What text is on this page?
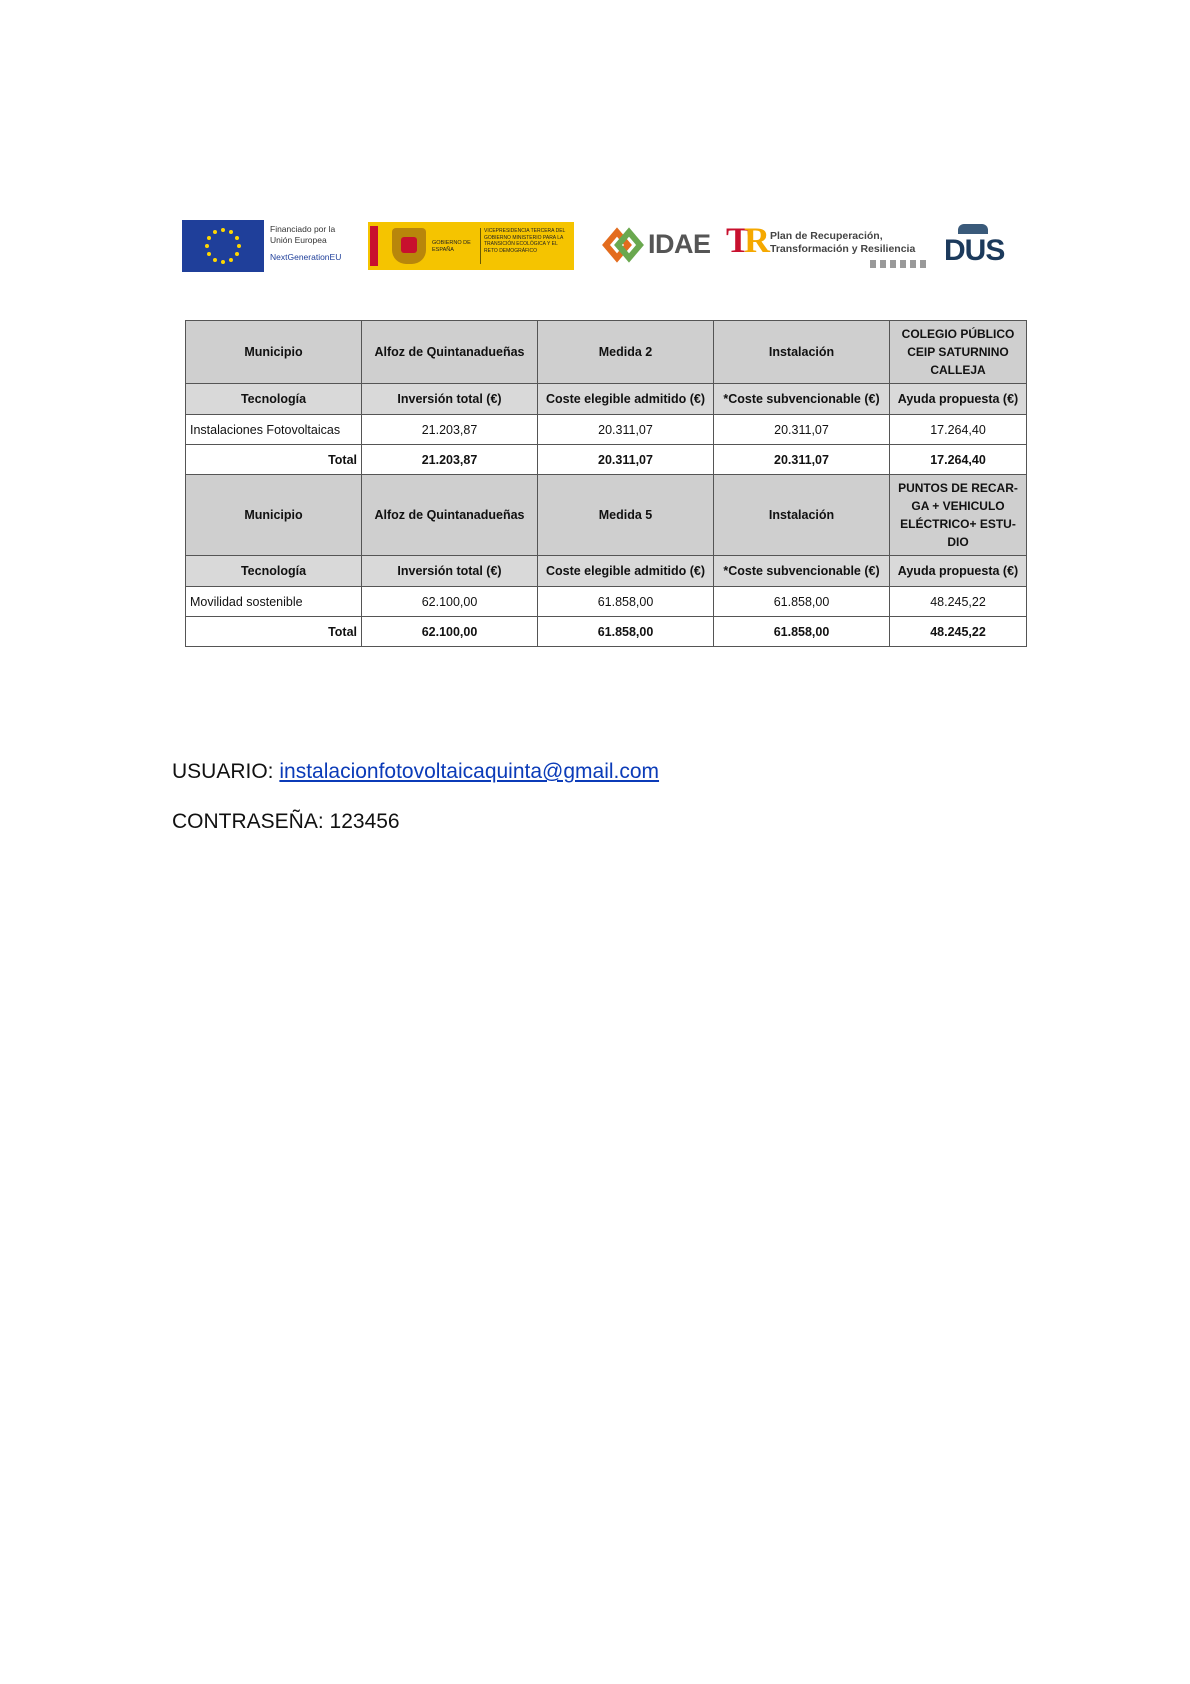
Financiado por la
Unión Europea
NextGenerationEU
GOBIERNO DE ESPAÑA
VICEPRESIDENCIA TERCERA DEL GOBIERNO MINISTERIO PARA LA TRANSICIÓN ECOLÓGICA Y EL RETO DEMOGRÁFICO	IDAE TR Plan de Recuperación,
Transformación y Resiliencia DUS
Municipio	Alfoz de Quintanadueñas	Medida 2	Instalación	COLEGIO PÚBLICO CEIP SATURNINO CALLEJA
Tecnología	Inversión total (€)	Coste elegible admitido (€)	*Coste subvencionable (€)	Ayuda propuesta (€)
Instalaciones Fotovoltaicas	21.203,87	20.311,07	20.311,07	17.264,40
Total	21.203,87	20.311,07	20.311,07	17.264,40
Municipio	Alfoz de Quintanadueñas	Medida 5	Instalación	PUNTOS DE RECAR-GA + VEHICULO ELÉCTRICO+ ESTU-DIO
Tecnología	Inversión total (€)	Coste elegible admitido (€)	*Coste subvencionable (€)	Ayuda propuesta (€)
Movilidad sostenible	62.100,00	61.858,00	61.858,00	48.245,22
Total	62.100,00	61.858,00	61.858,00	48.245,22
USUARIO: instalacionfotovoltaicaquinta@gmail.com
CONTRASEÑA: 123456
